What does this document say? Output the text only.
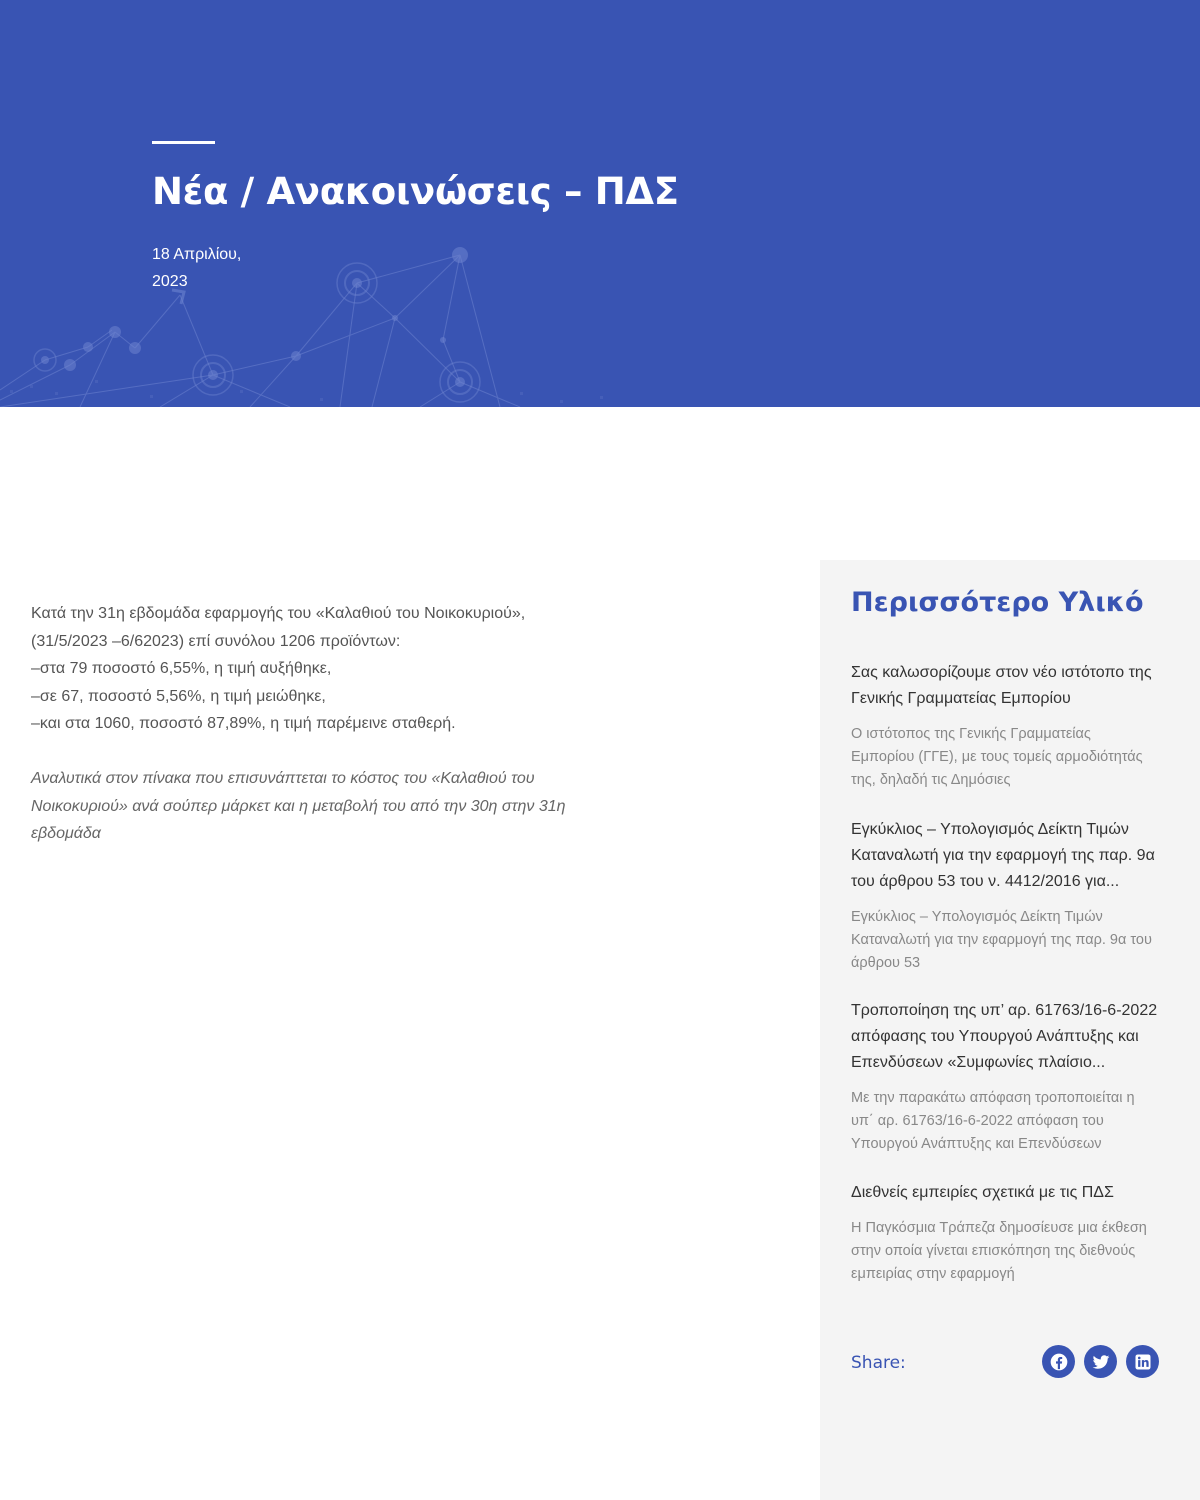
Νέα / Ανακοινώσεις – ΠΔΣ
18 Απριλίου,
2023

Κατά την 31η εβδομάδα εφαρμογής του «Καλαθιού του Νοικοκυριού»,

(31/5/2023 –6/62023) επί συνόλου 1206 προϊόντων:

–στα 79 ποσοστό 6,55%, η τιμή αυξήθηκε,

–σε 67, ποσοστό 5,56%, η τιμή μειώθηκε,

–και στα 1060, ποσοστό 87,89%, η τιμή παρέμεινε σταθερή.

Αναλυτικά στον πίνακα που επισυνάπτεται το κόστος του «Καλαθιού του

Νοικοκυριού» ανά σούπερ μάρκετ και η μεταβολή του από την 30η στην 31η

εβδομάδα

Περισσότερο Υλικό
Σας καλωσορίζουμε στον νέο ιστότοπο της
Γενικής Γραμματείας Εμπορίου
Ο ιστότοπος της Γενικής Γραμματείας
Εμπορίου (ΓΓΕ), με τους τομείς αρμοδιότητάς
της, δηλαδή τις Δημόσιες
Εγκύκλιος – Υπολογισμός Δείκτη Τιμών
Καταναλωτή για την εφαρμογή της παρ. 9α
του άρθρου 53 του ν. 4412/2016 για...
Εγκύκλιος – Υπολογισμός Δείκτη Τιμών
Καταναλωτή για την εφαρμογή της παρ. 9α του
άρθρου 53
Τροποποίηση της υπ’ αρ. 61763/16-6-2022
απόφασης του Υπουργού Ανάπτυξης και
Επενδύσεων «Συμφωνίες πλαίσιο...
Με την παρακάτω απόφαση τροποποιείται η
υπ΄ αρ. 61763/16-6-2022 απόφαση του
Υπουργού Ανάπτυξης και Επενδύσεων
Διεθνείς εμπειρίες σχετικά με τις ΠΔΣ
Η Παγκόσμια Τράπεζα δημοσίευσε μια έκθεση
στην οποία γίνεται επισκόπηση της διεθνούς
εμπειρίας στην εφαρμογή
Share:
